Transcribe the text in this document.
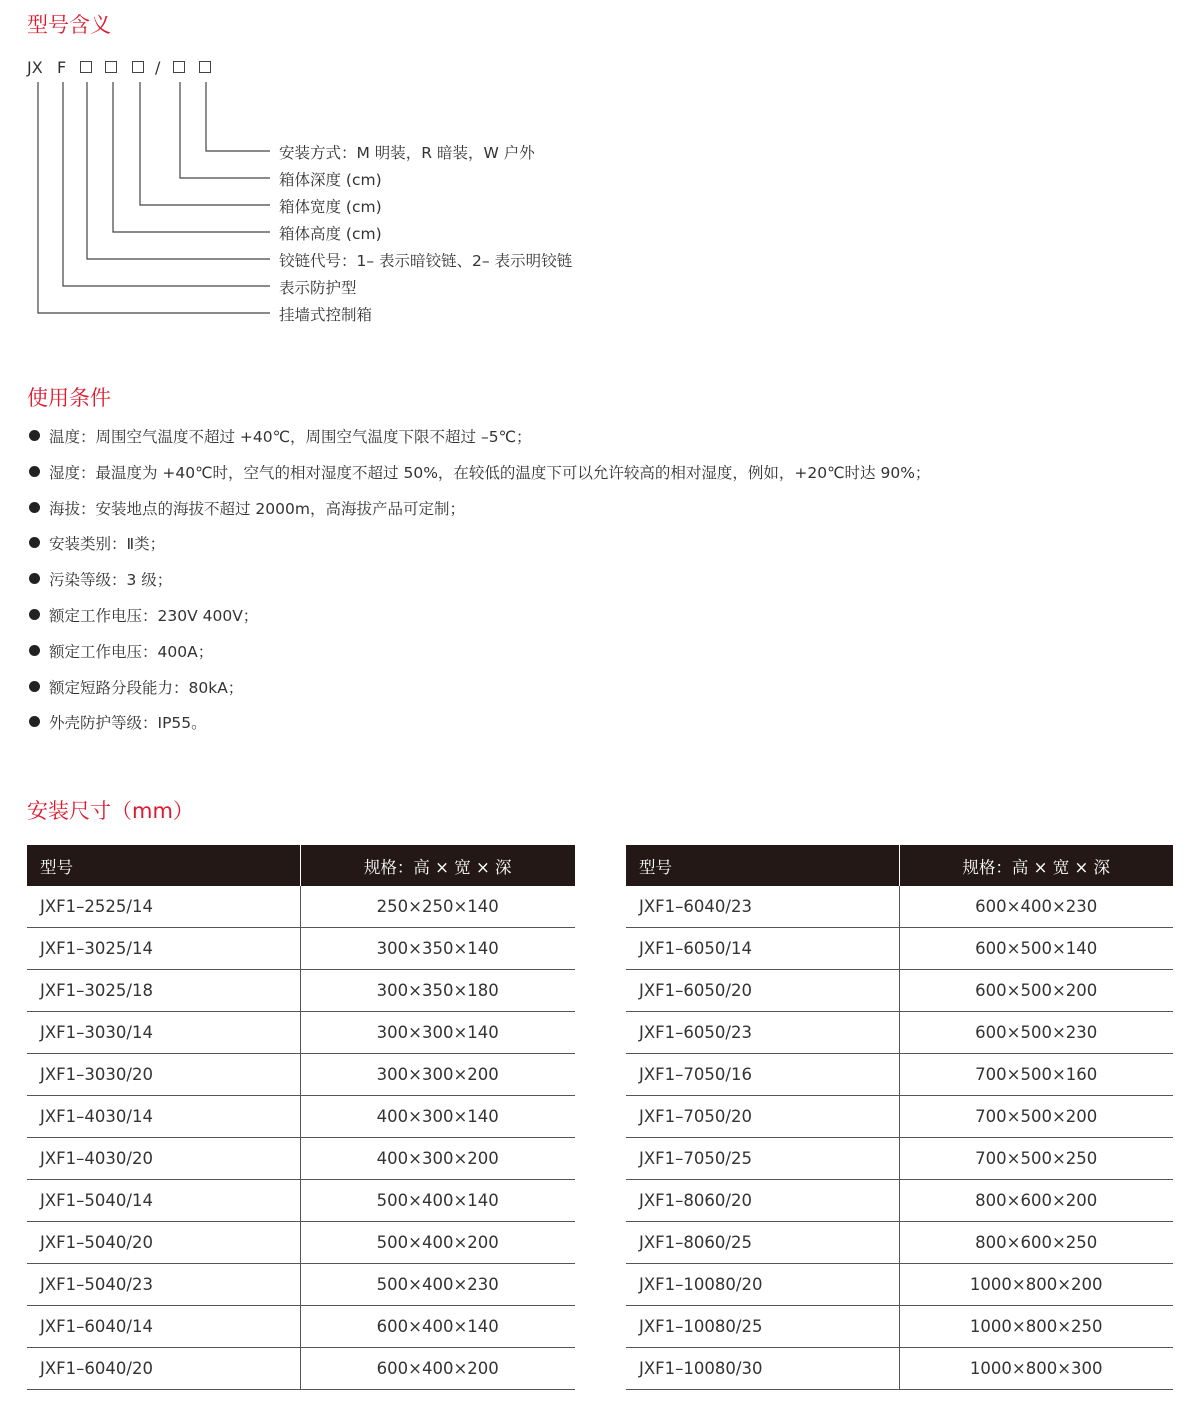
型号含义
JX F	/
安装方式：M 明装，R 暗装，W 户外
箱体深度 (cm)
箱体宽度 (cm)
箱体高度 (cm)
铰链代号：1– 表示暗铰链、2– 表示明铰链
表示防护型
挂墙式控制箱
使用条件
温度：周围空气温度不超过 +40℃，周围空气温度下限不超过 –5℃；
湿度：最温度为 +40℃时，空气的相对湿度不超过 50%，在较低的温度下可以允许较高的相对湿度，例如，+20℃时达 90%；
海拔：安装地点的海拔不超过 2000m，高海拔产品可定制；
安装类别：Ⅱ类；
污染等级：3 级；
额定工作电压：230V 400V；
额定工作电压：400A；
额定短路分段能力：80kA；
外壳防护等级：IP55。
安装尺寸（mm）
型号	规格：高 × 宽 × 深
JXF1–2525/14	250×250×140
JXF1–3025/14	300×350×140
JXF1–3025/18	300×350×180
JXF1–3030/14	300×300×140
JXF1–3030/20	300×300×200
JXF1–4030/14	400×300×140
JXF1–4030/20	400×300×200
JXF1–5040/14	500×400×140
JXF1–5040/20	500×400×200
JXF1–5040/23	500×400×230
JXF1–6040/14	600×400×140
JXF1–6040/20	600×400×200
型号	规格：高 × 宽 × 深
JXF1–6040/23	600×400×230
JXF1–6050/14	600×500×140
JXF1–6050/20	600×500×200
JXF1–6050/23	600×500×230
JXF1–7050/16	700×500×160
JXF1–7050/20	700×500×200
JXF1–7050/25	700×500×250
JXF1–8060/20	800×600×200
JXF1–8060/25	800×600×250
JXF1–10080/20	1000×800×200
JXF1–10080/25	1000×800×250
JXF1–10080/30	1000×800×300
